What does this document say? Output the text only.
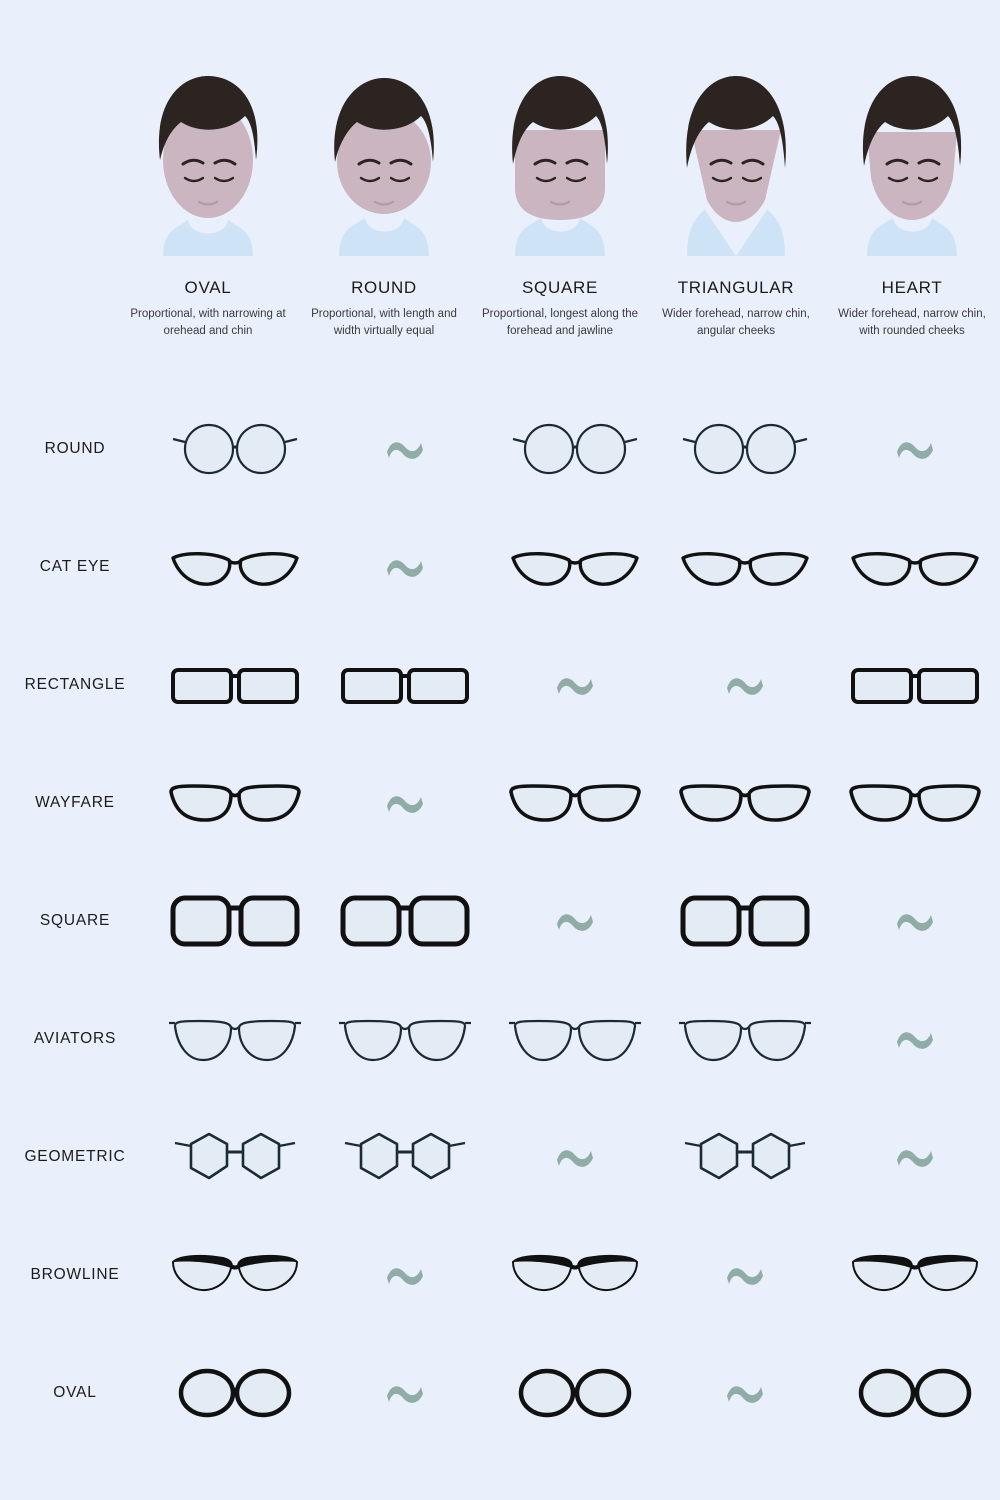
OVAL
Proportional, with narrowing at orehead and chin
ROUND
Proportional, with length and width virtually equal
SQUARE
Proportional, longest along the forehead and jawline
TRIANGULAR
Wider forehead, narrow chin, angular cheeks
HEART
Wider forehead, narrow chin, with rounded cheeks
ROUND
CAT EYE
RECTANGLE
WAYFARE
SQUARE
AVIATORS
GEOMETRIC
BROWLINE
OVAL
